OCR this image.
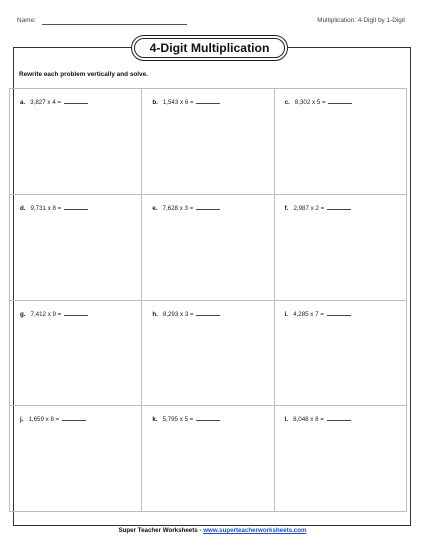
Name:	Multiplication: 4-Digit by 1-Digit
4-Digit Multiplication
Rewrite each problem vertically and solve.
a. 3,827 x 4 =	b. 1,543 x 6 =	c. 8,302 x 5 =
d. 9,731 x 8 =	e. 7,628 x 3 =	f. 2,987 x 2 =
g. 7,412 x 9 =	h. 8,293 x 3 =	i. 4,285 x 7 =
j. 1,659 x 8 =	k. 5,795 x 5 =	l. 8,048 x 8 =
Super Teacher Worksheets - www.superteacherworksheets.com
